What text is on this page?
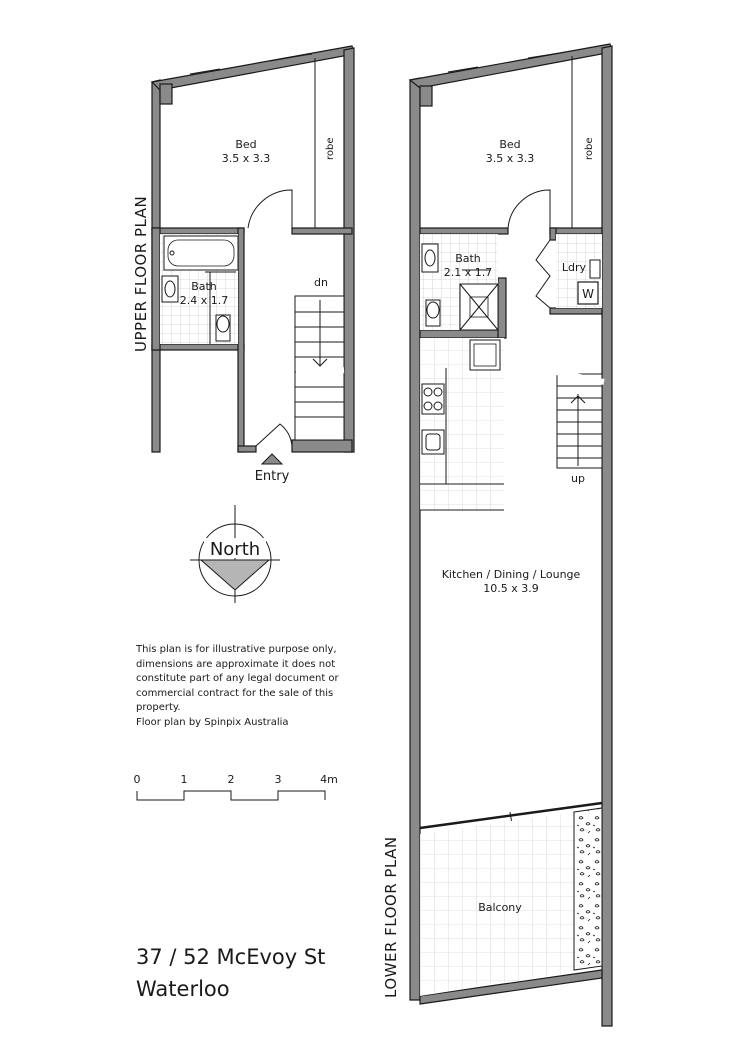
UPPER FLOOR PLAN
Bed
3.5 x 3.3	robe
Bath
2.4 x 1.7
dn
Entry
North
0	1	2	3	4m
LOWER FLOOR PLAN
Bed
3.5 x 3.3	robe
Bath
2.1 x 1.7	Ldry
W
up
Kitchen / Dining / Lounge
10.5 x 3.9
Balcony
This plan is for illustrative purpose only,
dimensions are approximate it does not
constitute part of any legal document or
commercial contract for the sale of this
property.
Floor plan by Spinpix Australia
37 / 52 McEvoy St
Waterloo
